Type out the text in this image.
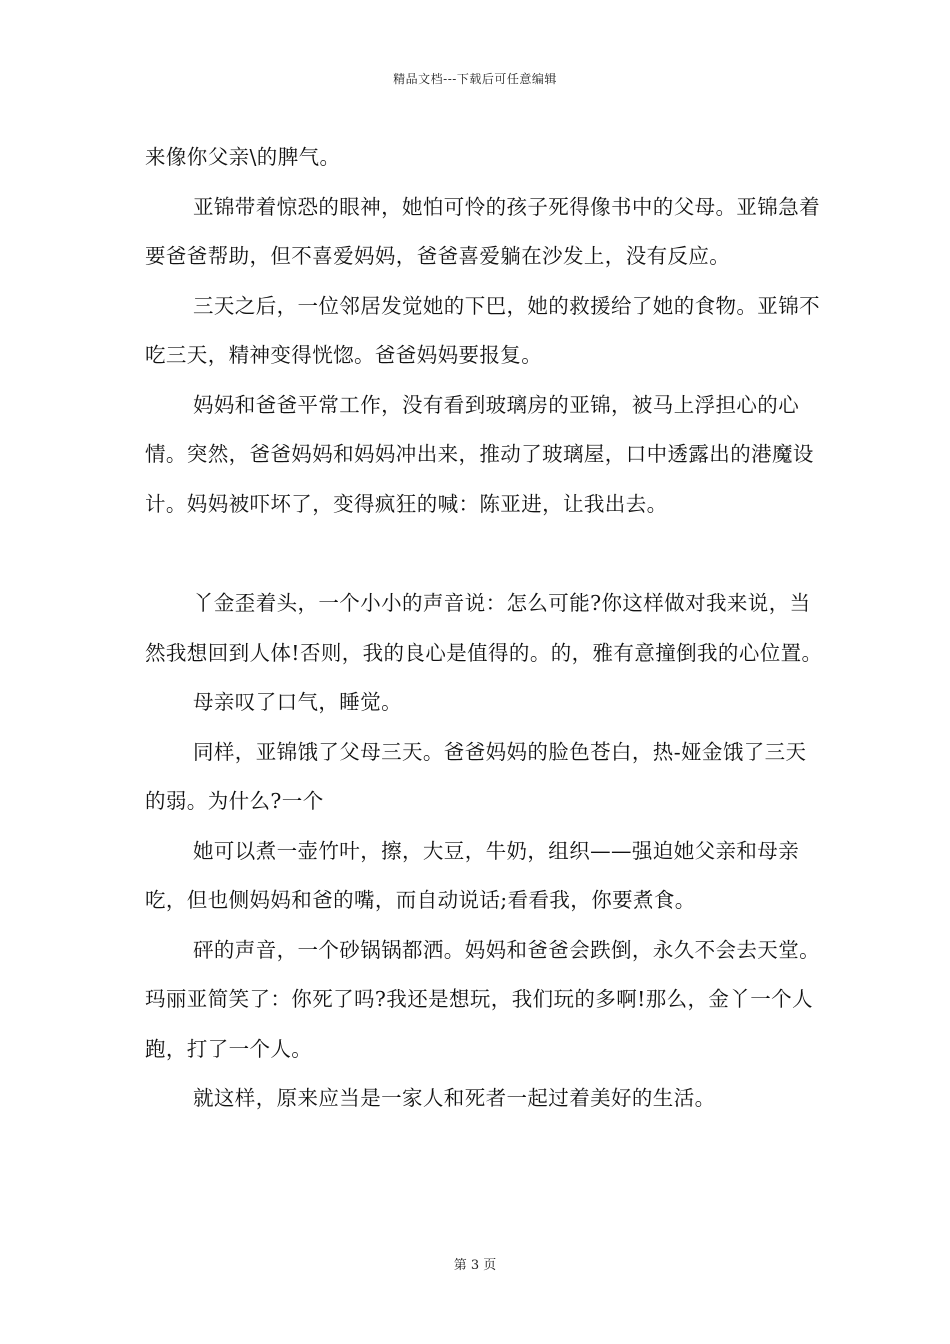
精品文档---下载后可任意编辑

来像你父亲\的脾气。

亚锦带着惊恐的眼神，她怕可怜的孩子死得像书中的父母。亚锦急着要爸爸帮助，但不喜爱妈妈，爸爸喜爱躺在沙发上，没有反应。

三天之后，一位邻居发觉她的下巴，她的救援给了她的食物。亚锦不吃三天，精神变得恍惚。爸爸妈妈要报复。

妈妈和爸爸平常工作，没有看到玻璃房的亚锦，被马上浮担心的心情。突然，爸爸妈妈和妈妈冲出来，推动了玻璃屋，口中透露出的港魔设计。妈妈被吓坏了，变得疯狂的喊：陈亚进，让我出去。

丫金歪着头，一个小小的声音说：怎么可能?你这样做对我来说，当然我想回到人体!否则，我的良心是值得的。的，雅有意撞倒我的心位置。

母亲叹了口气，睡觉。

同样，亚锦饿了父母三天。爸爸妈妈的脸色苍白，热-娅金饿了三天的弱。为什么?一个

她可以煮一壶竹叶，擦，大豆，牛奶，组织——强迫她父亲和母亲吃，但也侧妈妈和爸的嘴，而自动说话;看看我，你要煮食。

砰的声音，一个砂锅锅都洒。妈妈和爸爸会跌倒，永久不会去天堂。玛丽亚简笑了：你死了吗?我还是想玩，我们玩的多啊!那么，金丫一个人跑，打了一个人。

就这样，原来应当是一家人和死者一起过着美好的生活。

第 3 页
